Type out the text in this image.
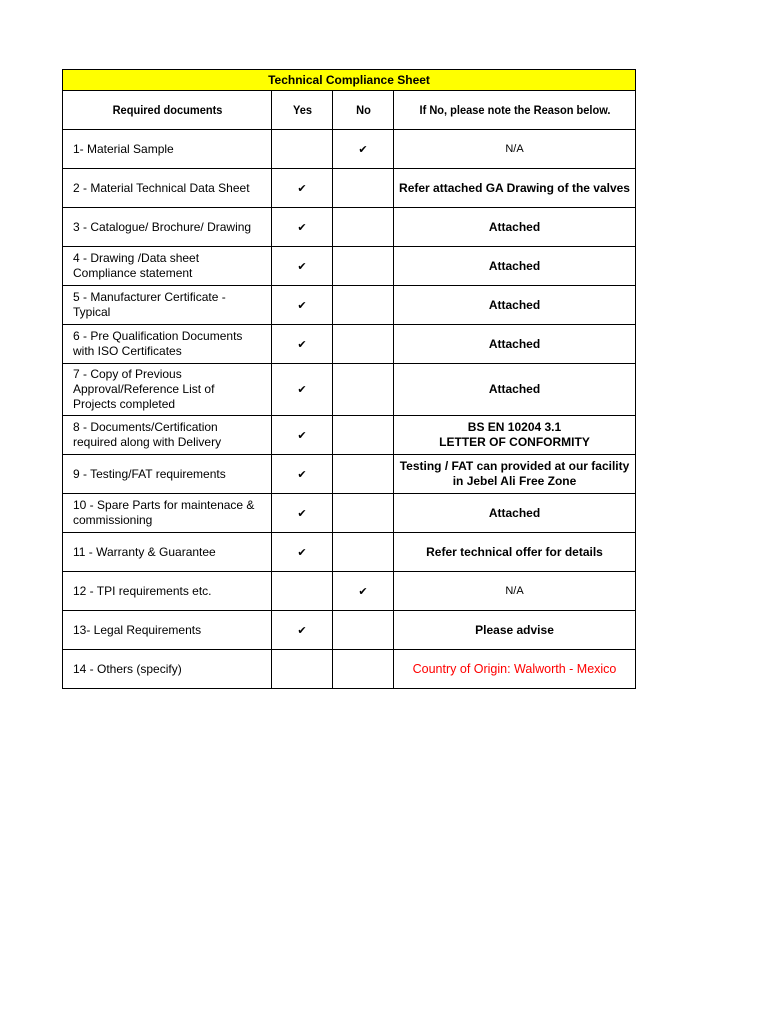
Technical Compliance Sheet			
Required documents	Yes	No	If No, please note the Reason below.

1- Material Sample		✔	N/A

2 - Material Technical Data Sheet	✔		Refer attached GA Drawing of the valves

3 - Catalogue/ Brochure/ Drawing	✔		Attached

4 - Drawing /Data sheet
Compliance statement	✔		Attached

5 - Manufacturer Certificate -
Typical	✔		Attached

6 - Pre Qualification Documents
with ISO Certificates	✔		Attached

7 - Copy of Previous
Approval/Reference List of
Projects completed	✔		Attached

8 - Documents/Certification
required along with Delivery	✔		BS EN 10204 3.1
LETTER OF CONFORMITY

9 - Testing/FAT requirements	✔		Testing / FAT can provided at our facility
in Jebel Ali Free Zone

10 - Spare Parts for maintenace &
commissioning	✔		Attached

11 - Warranty & Guarantee	✔		Refer technical offer for details

12 - TPI requirements etc.		✔	N/A

13- Legal Requirements	✔		Please advise

14 - Others (specify)			Country of Origin: Walworth - Mexico
